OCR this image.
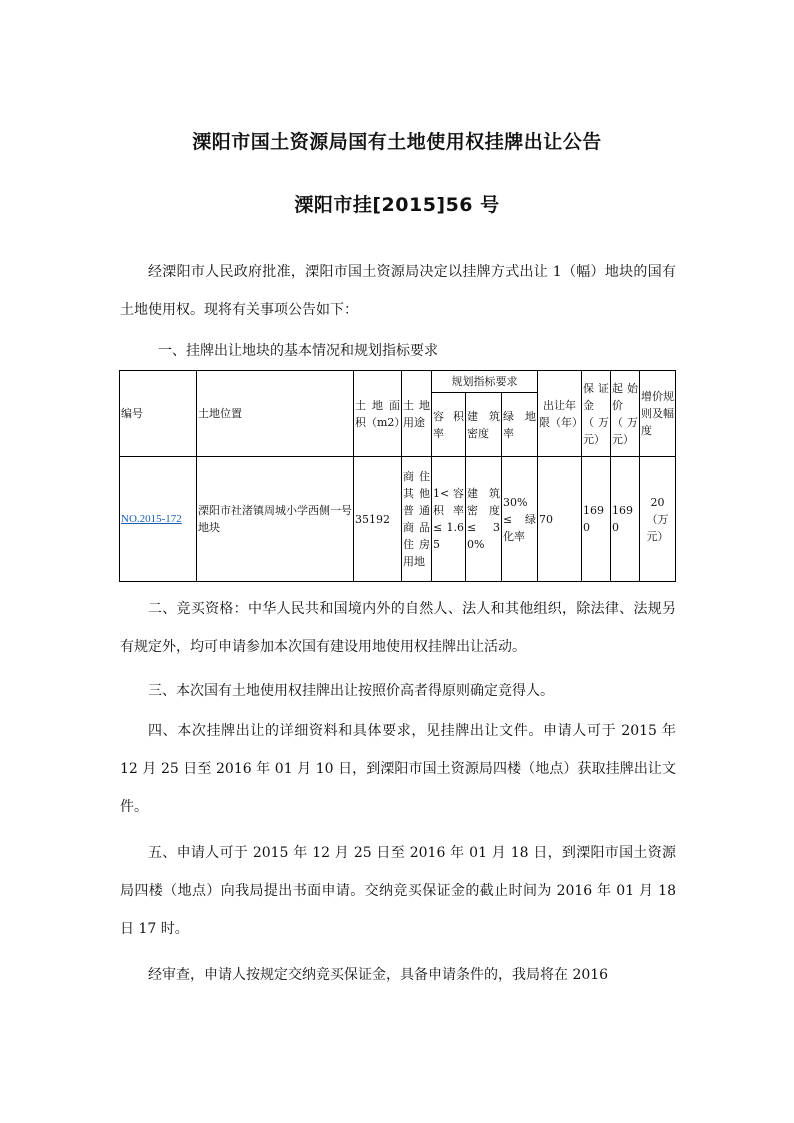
溧阳市国土资源局国有土地使用权挂牌出让公告
溧阳市挂[2015]56 号

经溧阳市人民政府批准，溧阳市国土资源局决定以挂牌方式出让 1（幅）地块的国有土地使用权。现将有关事项公告如下：

一、挂牌出让地块的基本情况和规划指标要求

编号	土地位置	土 地 面 积（m2）	土 地 用途	规划指标要求			出让年限（年）	保 证 金（万元）	起 始 价（万元）	增价规则及幅度
				容 积 率	建 筑 密度	绿 地 率				
NO.2015-172	溧阳市社渚镇周城小学西侧一号地块	35192	商住其他普通商品住房用地	1< 容积 率 ≤ 1.65	建 筑 密 度 ≤ 30%	30% ≤ 绿化率	70	1690	1690	20 （万元）

二、竞买资格：中华人民共和国境内外的自然人、法人和其他组织，除法律、法规另有规定外，均可申请参加本次国有建设用地使用权挂牌出让活动。

三、本次国有土地使用权挂牌出让按照价高者得原则确定竞得人。

四、本次挂牌出让的详细资料和具体要求，见挂牌出让文件。申请人可于 2015 年 12 月 25 日至 2016 年 01 月 10 日，到溧阳市国土资源局四楼（地点）获取挂牌出让文件。

五、申请人可于 2015 年 12 月 25 日至 2016 年 01 月 18 日，到溧阳市国土资源局四楼（地点）向我局提出书面申请。交纳竞买保证金的截止时间为 2016 年 01 月 18 日 17 时。

经审查，申请人按规定交纳竞买保证金，具备申请条件的，我局将在 2016
